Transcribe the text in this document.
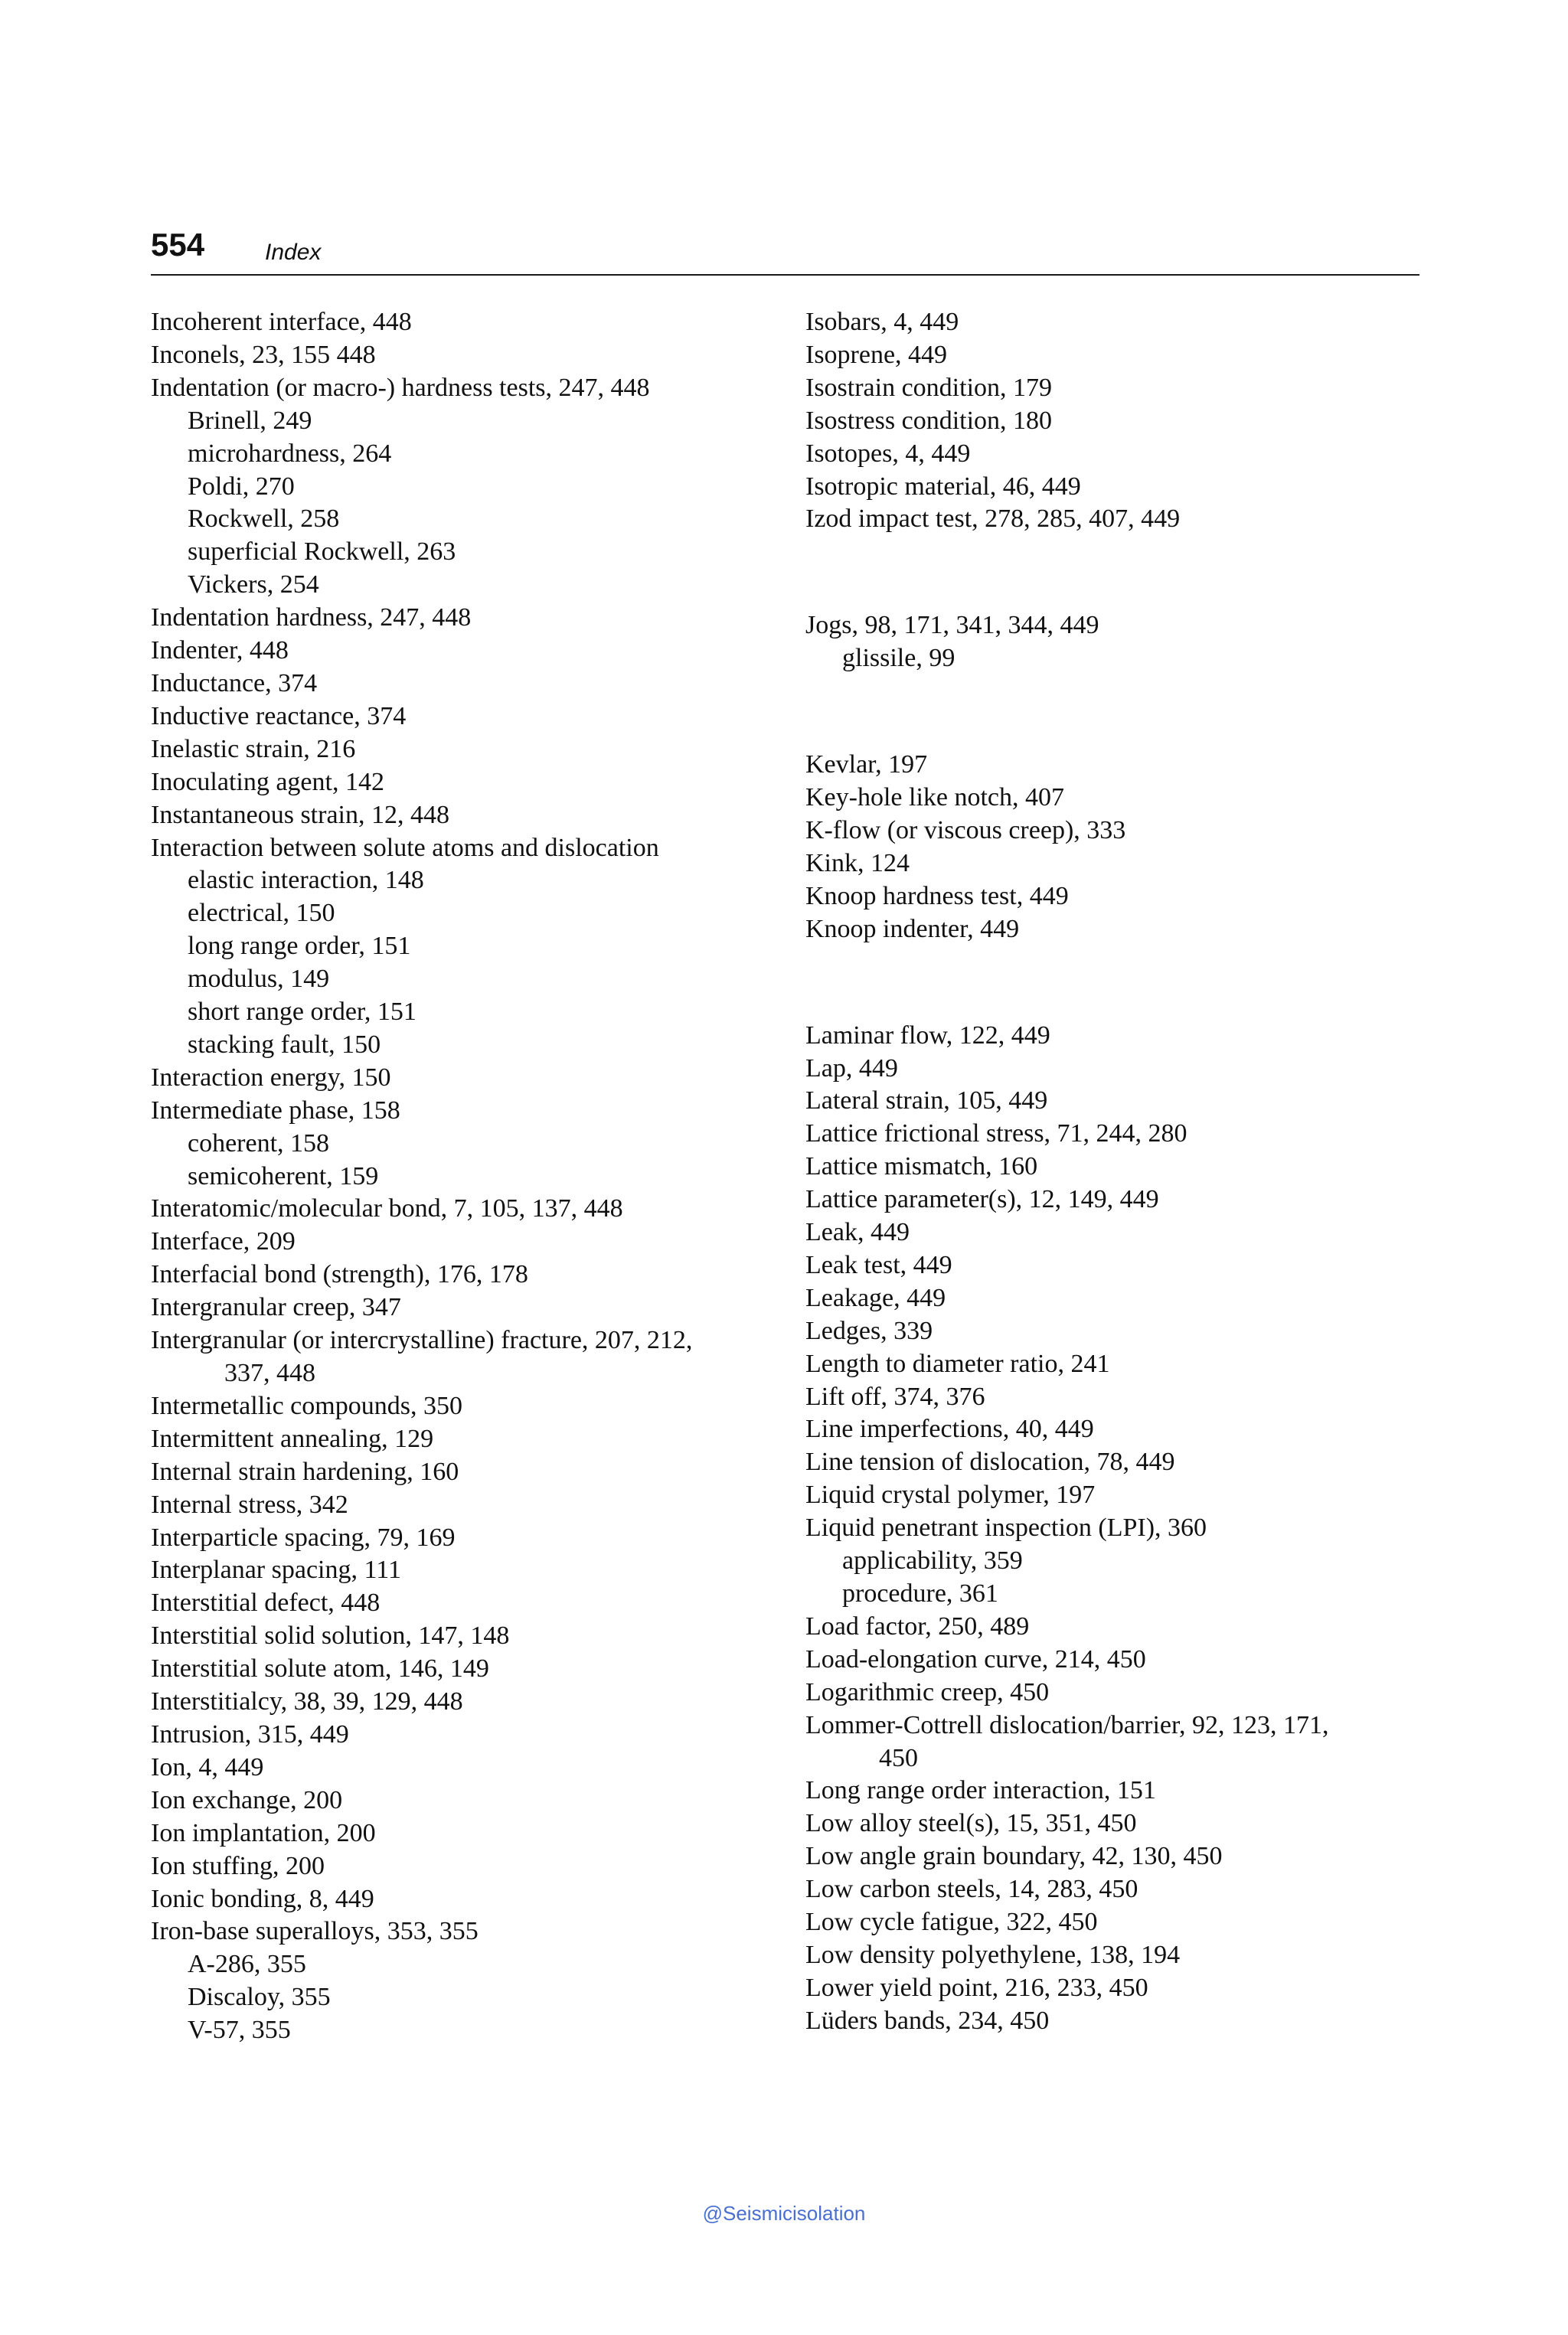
554	Index
Incoherent interface, 448
Inconels, 23, 155 448
Indentation (or macro-) hardness tests, 247, 448
Brinell, 249
microhardness, 264
Poldi, 270
Rockwell, 258
superficial Rockwell, 263
Vickers, 254
Indentation hardness, 247, 448
Indenter, 448
Inductance, 374
Inductive reactance, 374
Inelastic strain, 216
Inoculating agent, 142
Instantaneous strain, 12, 448
Interaction between solute atoms and dislocation
elastic interaction, 148
electrical, 150
long range order, 151
modulus, 149
short range order, 151
stacking fault, 150
Interaction energy, 150
Intermediate phase, 158
coherent, 158
semicoherent, 159
Interatomic/molecular bond, 7, 105, 137, 448
Interface, 209
Interfacial bond (strength), 176, 178
Intergranular creep, 347
Intergranular (or intercrystalline) fracture, 207, 212,
337, 448
Intermetallic compounds, 350
Intermittent annealing, 129
Internal strain hardening, 160
Internal stress, 342
Interparticle spacing, 79, 169
Interplanar spacing, 111
Interstitial defect, 448
Interstitial solid solution, 147, 148
Interstitial solute atom, 146, 149
Interstitialcy, 38, 39, 129, 448
Intrusion, 315, 449
Ion, 4, 449
Ion exchange, 200
Ion implantation, 200
Ion stuffing, 200
Ionic bonding, 8, 449
Iron-base superalloys, 353, 355
A-286, 355
Discaloy, 355
V-57, 355
Isobars, 4, 449
Isoprene, 449
Isostrain condition, 179
Isostress condition, 180
Isotopes, 4, 449
Isotropic material, 46, 449
Izod impact test, 278, 285, 407, 449
Jogs, 98, 171, 341, 344, 449
glissile, 99
Kevlar, 197
Key-hole like notch, 407
K-flow (or viscous creep), 333
Kink, 124
Knoop hardness test, 449
Knoop indenter, 449
Laminar flow, 122, 449
Lap, 449
Lateral strain, 105, 449
Lattice frictional stress, 71, 244, 280
Lattice mismatch, 160
Lattice parameter(s), 12, 149, 449
Leak, 449
Leak test, 449
Leakage, 449
Ledges, 339
Length to diameter ratio, 241
Lift off, 374, 376
Line imperfections, 40, 449
Line tension of dislocation, 78, 449
Liquid crystal polymer, 197
Liquid penetrant inspection (LPI), 360
applicability, 359
procedure, 361
Load factor, 250, 489
Load-elongation curve, 214, 450
Logarithmic creep, 450
Lommer-Cottrell dislocation/barrier, 92, 123, 171,
450
Long range order interaction, 151
Low alloy steel(s), 15, 351, 450
Low angle grain boundary, 42, 130, 450
Low carbon steels, 14, 283, 450
Low cycle fatigue, 322, 450
Low density polyethylene, 138, 194
Lower yield point, 216, 233, 450
Lüders bands, 234, 450
@Seismicisolation
